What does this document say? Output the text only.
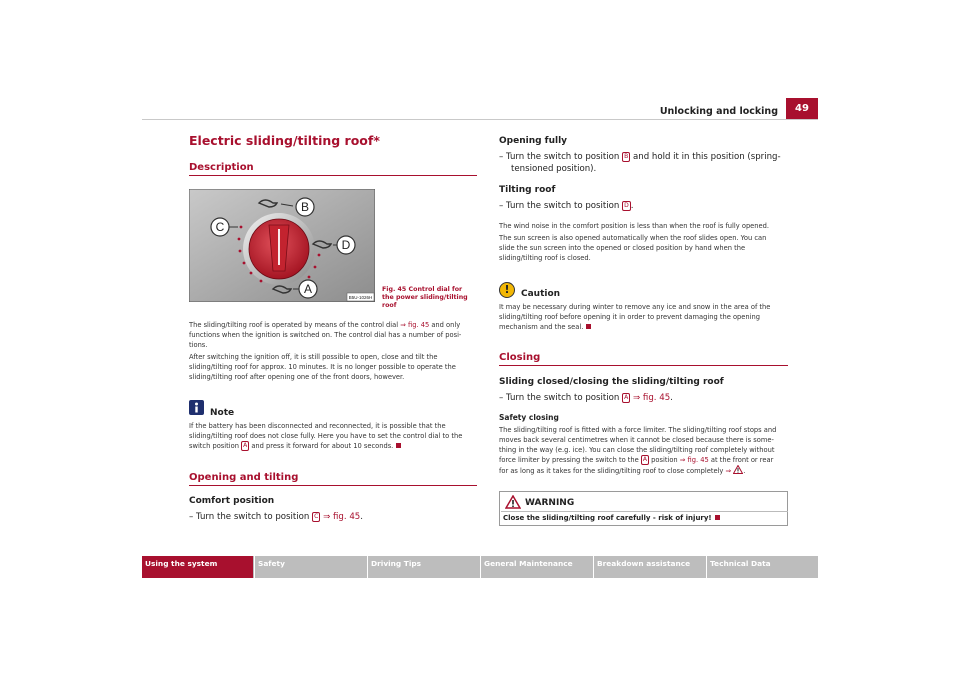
Unlocking and locking	49
Electric sliding/tilting roof*
Description
B
C
D
A
B5U-1026H
Fig. 45 Control dial for the power sliding/tilting roof

The sliding/tilting roof is operated by means of the control dial ⇒ fig. 45 and only
functions when the ignition is switched on. The control dial has a number of posi-
tions.

After switching the ignition off, it is still possible to open, close and tilt the
sliding/tilting roof for approx. 10 minutes. It is no longer possible to operate the
sliding/tilting roof after opening one of the front doors, however.

Note
If the battery has been disconnected and reconnected, it is possible that the
sliding/tilting roof does not close fully. Here you have to set the control dial to the
switch position A and press it forward for about 10 seconds.
Opening and tilting
Comfort position
– Turn the switch to position C ⇒ fig. 45.
Opening fully
– Turn the switch to position B and hold it in this position (spring-
tensioned position).
Tilting roof
– Turn the switch to position D .

The wind noise in the comfort position is less than when the roof is fully opened.

The sun screen is also opened automatically when the roof slides open. You can
slide the sun screen into the opened or closed position by hand when the
sliding/tilting roof is closed.

!	Caution
It may be necessary during winter to remove any ice and snow in the area of the
sliding/tilting roof before opening it in order to prevent damaging the opening
mechanism and the seal.
Closing
Sliding closed/closing the sliding/tilting roof
– Turn the switch to position A ⇒ fig. 45.
Safety closing
The sliding/tilting roof is fitted with a force limiter. The sliding/tilting roof stops and
moves back several centimetres when it cannot be closed because there is some-
thing in the way (e.g. ice). You can close the sliding/tilting roof completely without
force limiter by pressing the switch to the A position ⇒ fig. 45 at the front or rear
for as long as it takes for the sliding/tilting roof to close completely ⇒ .
WARNING
Close the sliding/tilting roof carefully - risk of injury!
Using the system	Safety	Driving Tips	General Maintenance	Breakdown assistance	Technical Data
